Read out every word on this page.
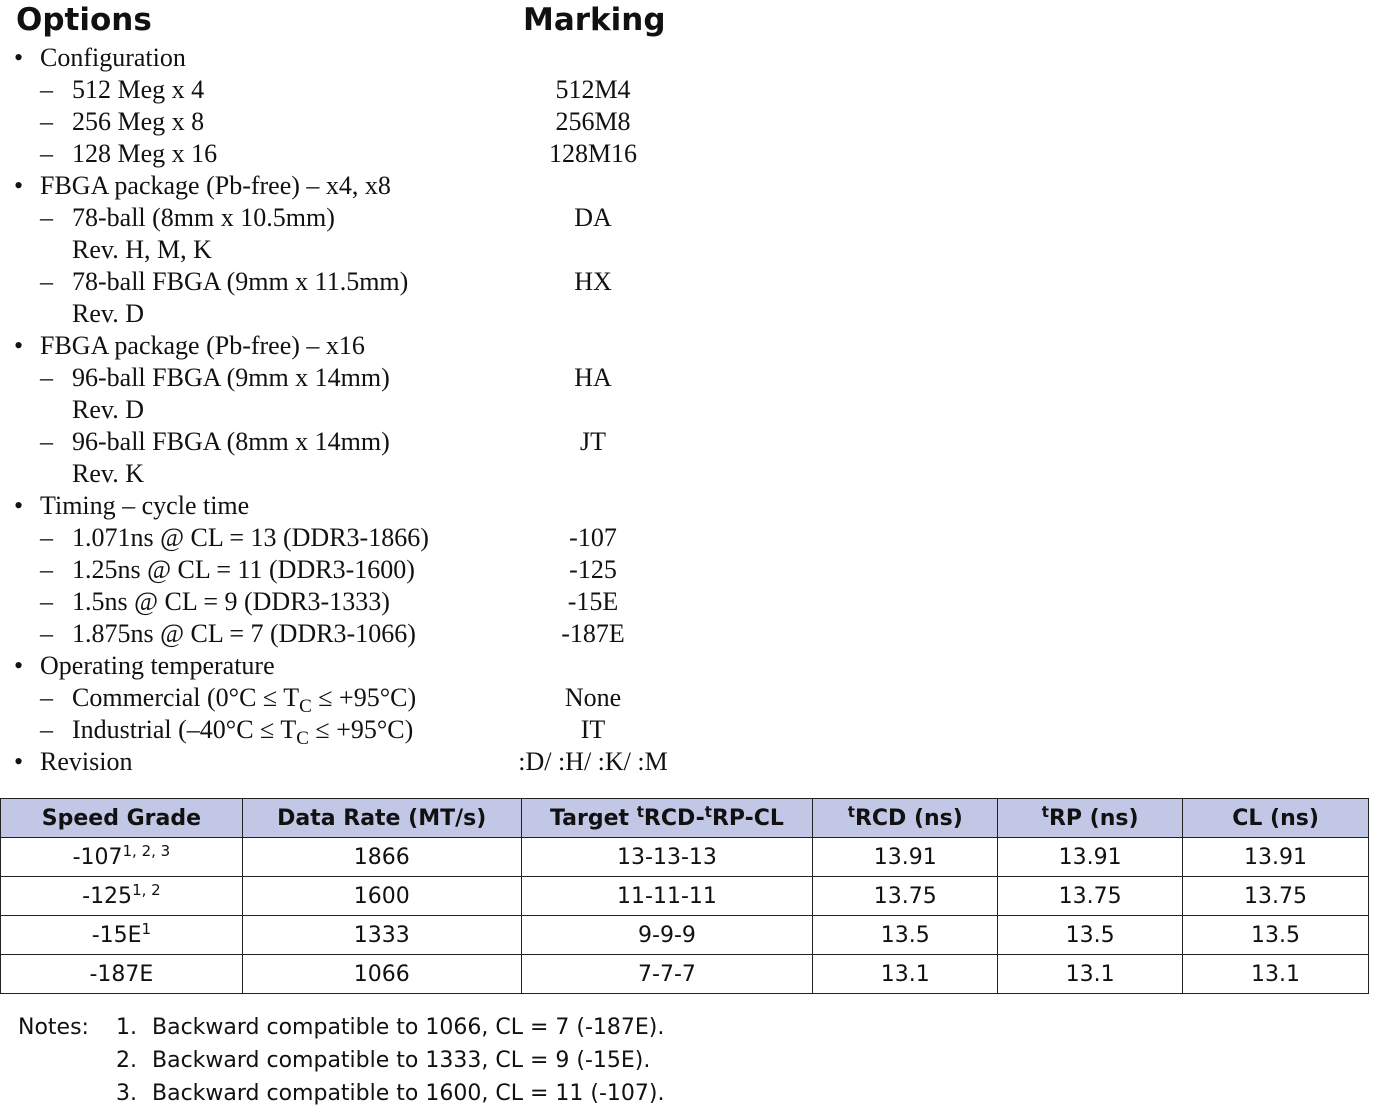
Options	Marking
• Configuration
– 512 Meg x 4	512M4
– 256 Meg x 8	256M8
– 128 Meg x 16	128M16
• FBGA package (Pb-free) – x4, x8
– 78-ball (8mm x 10.5mm)	DA
Rev. H, M, K
– 78-ball FBGA (9mm x 11.5mm)	HX
Rev. D
• FBGA package (Pb-free) – x16
– 96-ball FBGA (9mm x 14mm)	HA
Rev. D
– 96-ball FBGA (8mm x 14mm)	JT
Rev. K
• Timing – cycle time
– 1.071ns @ CL = 13 (DDR3-1866)	-107
– 1.25ns @ CL = 11 (DDR3-1600)	-125
– 1.5ns @ CL = 9 (DDR3-1333)	-15E
– 1.875ns @ CL = 7 (DDR3-1066)	-187E
• Operating temperature
– Commercial $(0^\circ C \le T_C \le +95^\circ C)$	None
– Industrial $(-40^\circ C \le T_C \le +95^\circ C)$	IT
• Revision	:D/ :H/ :K/ :M
Speed Grade	Data Rate (MT/s)	Target $^t$RCD-$^t$RP-CL	$^t$RCD (ns)	$^t$RP (ns)	CL (ns)
-107$^{1, 2, 3}$	1866	13-13-13	13.91	13.91	13.91
-125$^{1, 2}$	1600	11-11-11	13.75	13.75	13.75
$-15E^1$	1333	9-9-9	13.5	13.5	13.5
-187E	1066	7-7-7	13.1	13.1	13.1
Notes: 1. Backward compatible to 1066, CL = 7 (-187E).
2. Backward compatible to 1333, CL = 9 (-15E).
3. Backward compatible to 1600, CL = 11 (-107).
